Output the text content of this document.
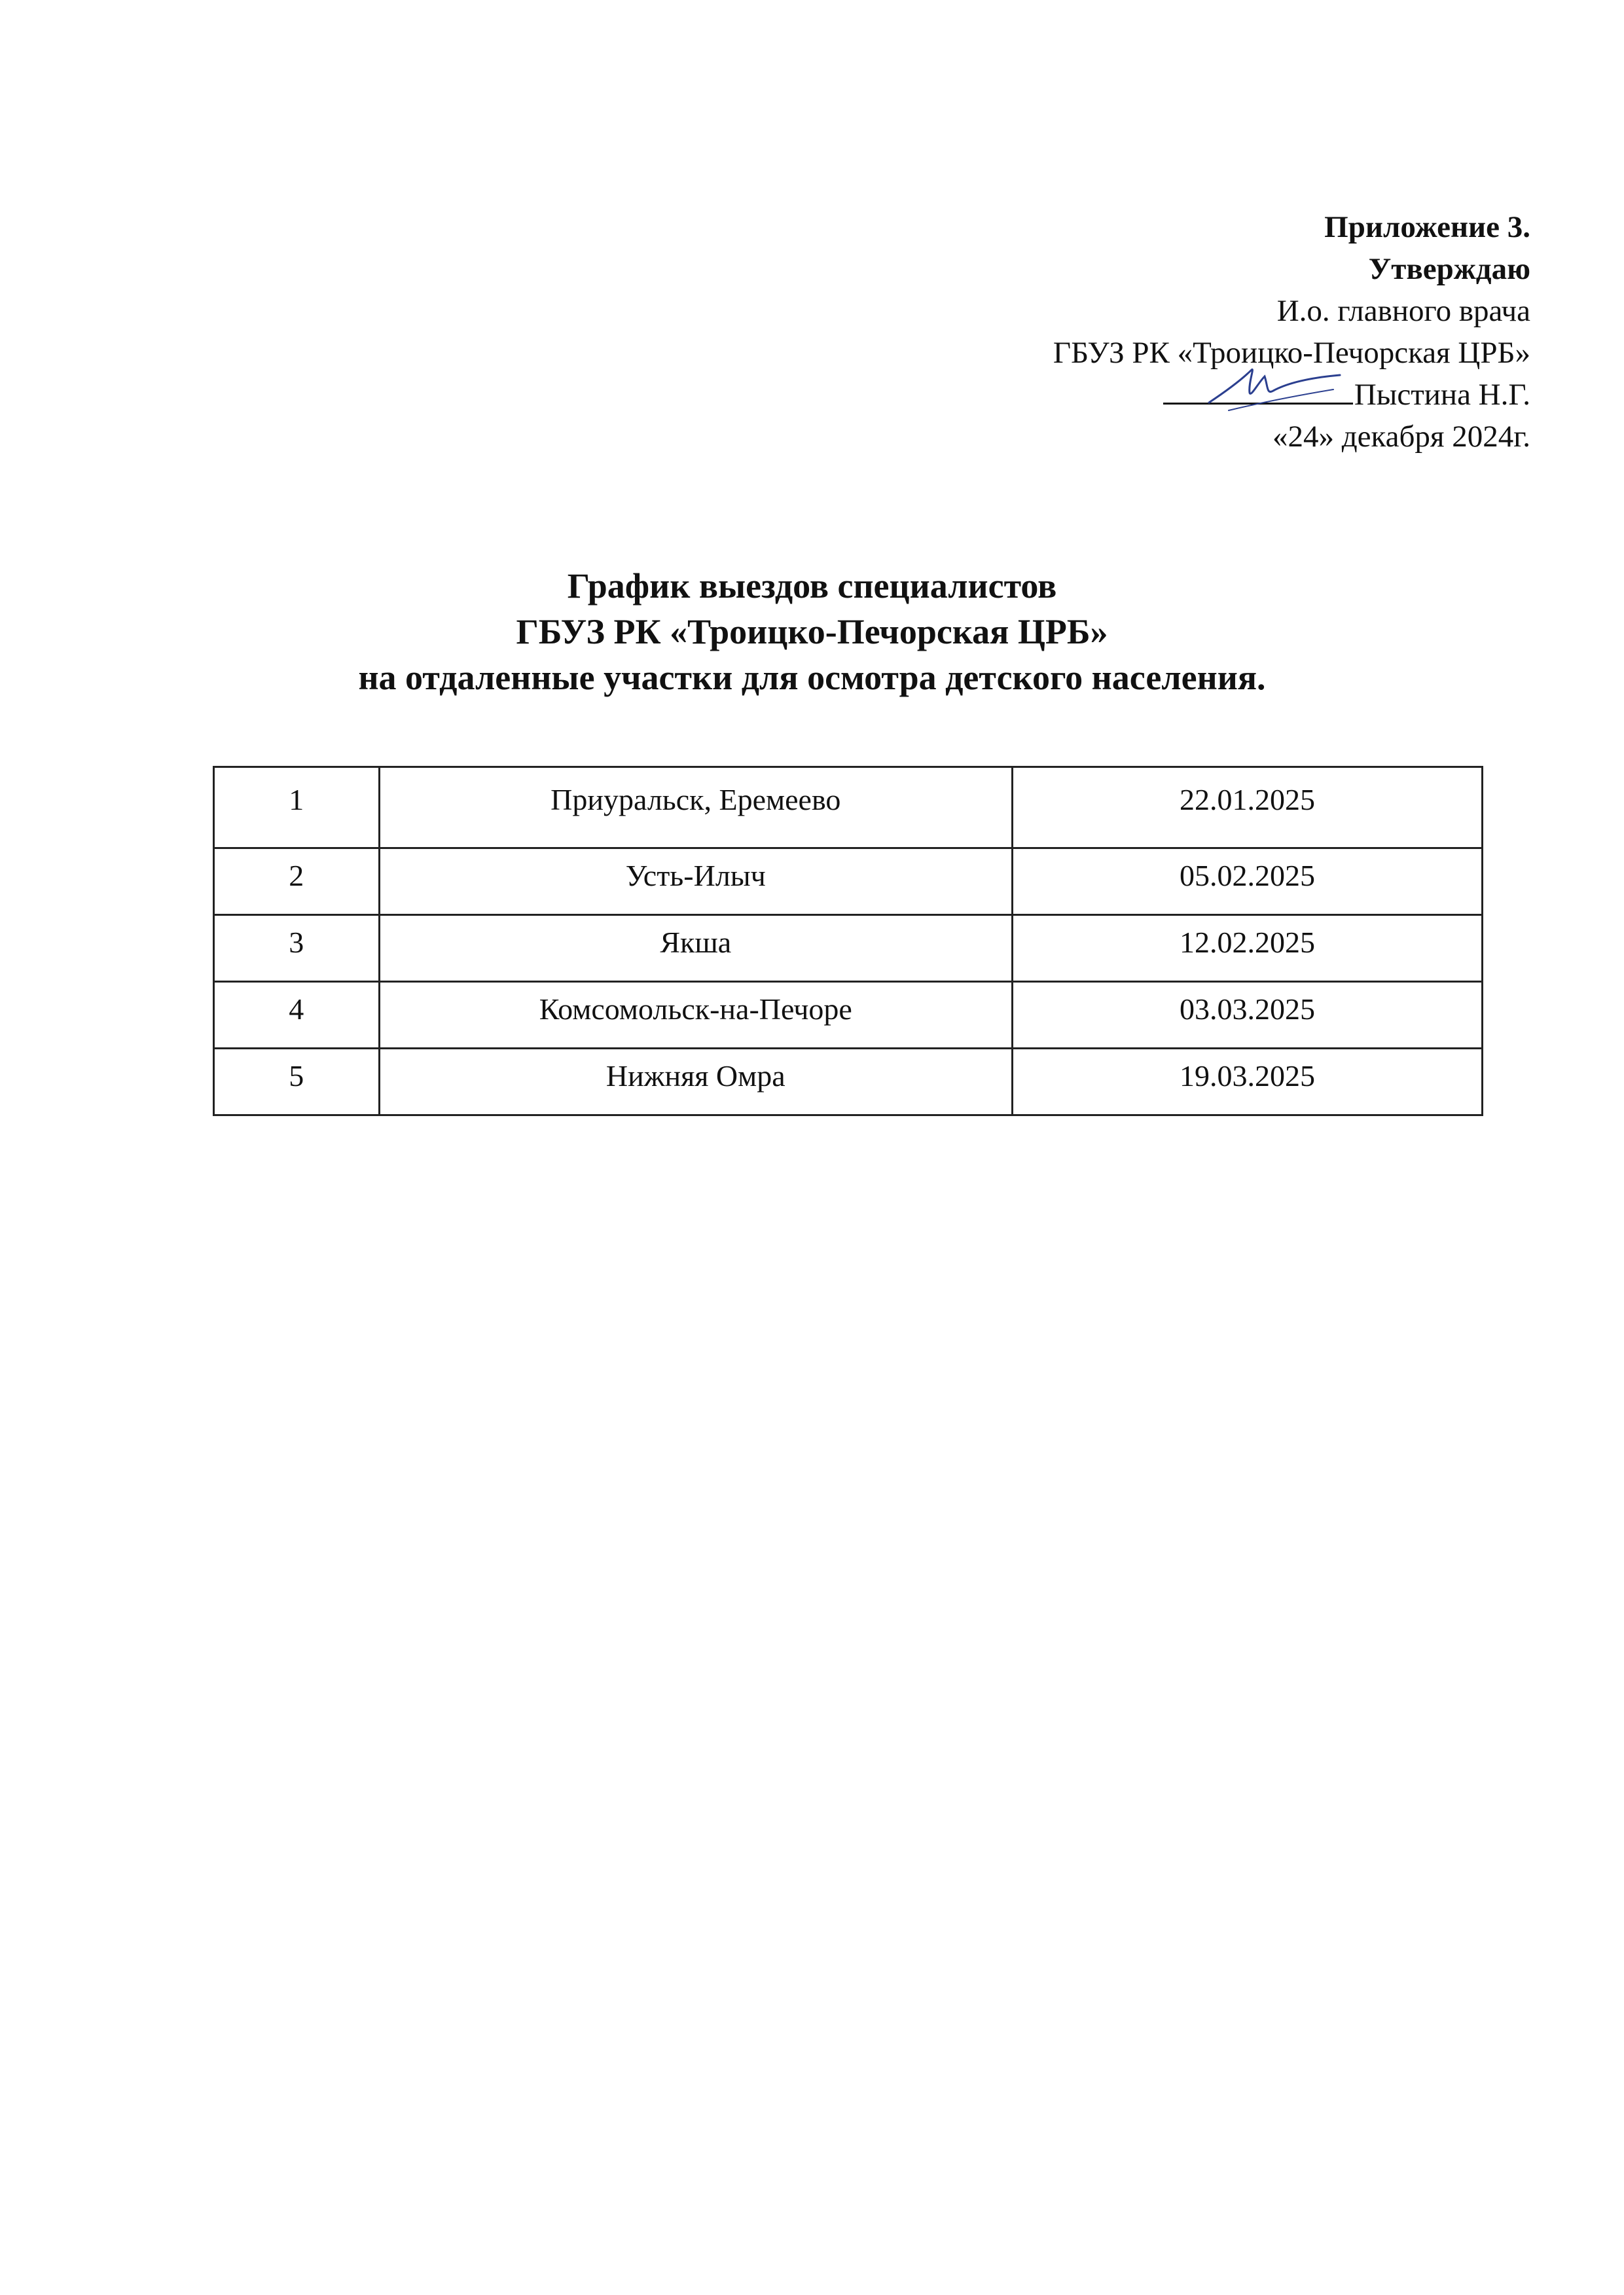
Приложение 3.
Утверждаю
И.о. главного врача
ГБУЗ РК «Троицко-Печорская ЦРБ»
Пыстина Н.Г.
«24» декабря 2024г.
График выездов специалистов
ГБУЗ РК «Троицко-Печорская ЦРБ»
на отдаленные участки для осмотра детского населения.
1	Приуральск, Еремеево	22.01.2025
2	Усть-Илыч	05.02.2025
3	Якша	12.02.2025
4	Комсомольск-на-Печоре	03.03.2025
5	Нижняя Омра	19.03.2025
